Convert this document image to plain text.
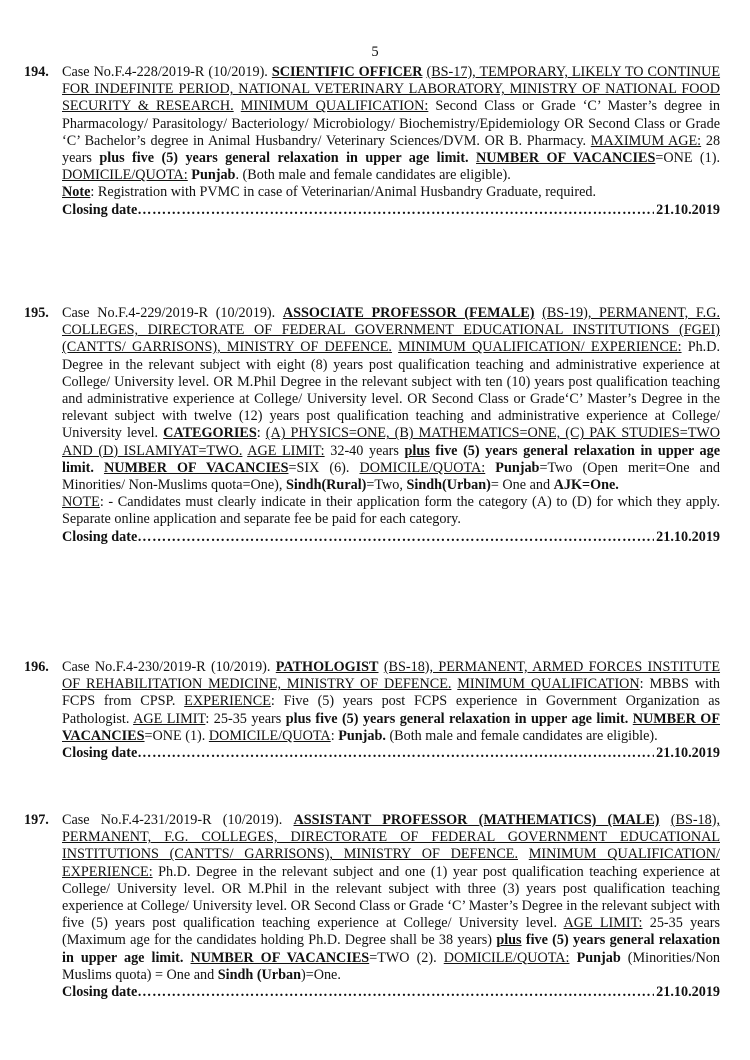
5
194. Case No.F.4-228/2019-R (10/2019). SCIENTIFIC OFFICER (BS-17), TEMPORARY, LIKELY TO CONTINUE FOR INDEFINITE PERIOD, NATIONAL VETERINARY LABORATORY, MINISTRY OF NATIONAL FOOD SECURITY & RESEARCH. MINIMUM QUALIFICATION: Second Class or Grade ‘C’ Master’s degree in Pharmacology/ Parasitology/ Bacteriology/ Microbiology/ Biochemistry/Epidemiology OR Second Class or Grade ‘C’ Bachelor’s degree in Animal Husbandry/ Veterinary Sciences/DVM. OR B. Pharmacy. MAXIMUM AGE: 28 years plus five (5) years general relaxation in upper age limit. NUMBER OF VACANCIES=ONE (1). DOMICILE/QUOTA: Punjab. (Both male and female candidates are eligible).
Note: Registration with PVMC in case of Veterinarian/Animal Husbandry Graduate, required.
Closing date ……………………………………………………………………………………………………………………………………………………	21.10.2019
195. Case No.F.4-229/2019-R (10/2019). ASSOCIATE PROFESSOR (FEMALE) (BS-19), PERMANENT, F.G. COLLEGES, DIRECTORATE OF FEDERAL GOVERNMENT EDUCATIONAL INSTITUTIONS (FGEI) (CANTTS/ GARRISONS), MINISTRY OF DEFENCE. MINIMUM QUALIFICATION/ EXPERIENCE: Ph.D. Degree in the relevant subject with eight (8) years post qualification teaching and administrative experience at College/ University level. OR M.Phil Degree in the relevant subject with ten (10) years post qualification teaching and administrative experience at College/ University level. OR Second Class or Grade‘C’ Master’s Degree in the relevant subject with twelve (12) years post qualification teaching and administrative experience at College/ University level. CATEGORIES: (A) PHYSICS=ONE, (B) MATHEMATICS=ONE, (C) PAK STUDIES=TWO AND (D) ISLAMIYAT=TWO. AGE LIMIT: 32-40 years plus five (5) years general relaxation in upper age limit. NUMBER OF VACANCIES=SIX (6). DOMICILE/QUOTA: Punjab=Two (Open merit=One and Minorities/ Non-Muslims quota=One), Sindh(Rural)=Two, Sindh(Urban)= One and AJK=One.
NOTE: - Candidates must clearly indicate in their application form the category (A) to (D) for which they apply. Separate online application and separate fee be paid for each category.
Closing date ……………………………………………………………………………………………………………………………………………………	21.10.2019
196. Case No.F.4-230/2019-R (10/2019). PATHOLOGIST (BS-18), PERMANENT, ARMED FORCES INSTITUTE OF REHABILITATION MEDICINE, MINISTRY OF DEFENCE. MINIMUM QUALIFICATION: MBBS with FCPS from CPSP. EXPERIENCE: Five (5) years post FCPS experience in Government Organization as Pathologist. AGE LIMIT: 25-35 years plus five (5) years general relaxation in upper age limit. NUMBER OF VACANCIES=ONE (1). DOMICILE/QUOTA: Punjab. (Both male and female candidates are eligible).
Closing date ……………………………………………………………………………………………………………………………………………………	21.10.2019
197. Case No.F.4-231/2019-R (10/2019). ASSISTANT PROFESSOR (MATHEMATICS) (MALE) (BS-18), PERMANENT, F.G. COLLEGES, DIRECTORATE OF FEDERAL GOVERNMENT EDUCATIONAL INSTITUTIONS (CANTTS/ GARRISONS), MINISTRY OF DEFENCE. MINIMUM QUALIFICATION/ EXPERIENCE: Ph.D. Degree in the relevant subject and one (1) year post qualification teaching experience at College/ University level. OR M.Phil in the relevant subject with three (3) years post qualification teaching experience at College/ University level. OR Second Class or Grade ‘C’ Master’s Degree in the relevant subject with five (5) years post qualification teaching experience at College/ University level. AGE LIMIT: 25-35 years (Maximum age for the candidates holding Ph.D. Degree shall be 38 years) plus five (5) years general relaxation in upper age limit. NUMBER OF VACANCIES=TWO (2). DOMICILE/QUOTA: Punjab (Minorities/Non Muslims quota) = One and Sindh (Urban)=One.
Closing date ……………………………………………………………………………………………………………………………………………………	21.10.2019
